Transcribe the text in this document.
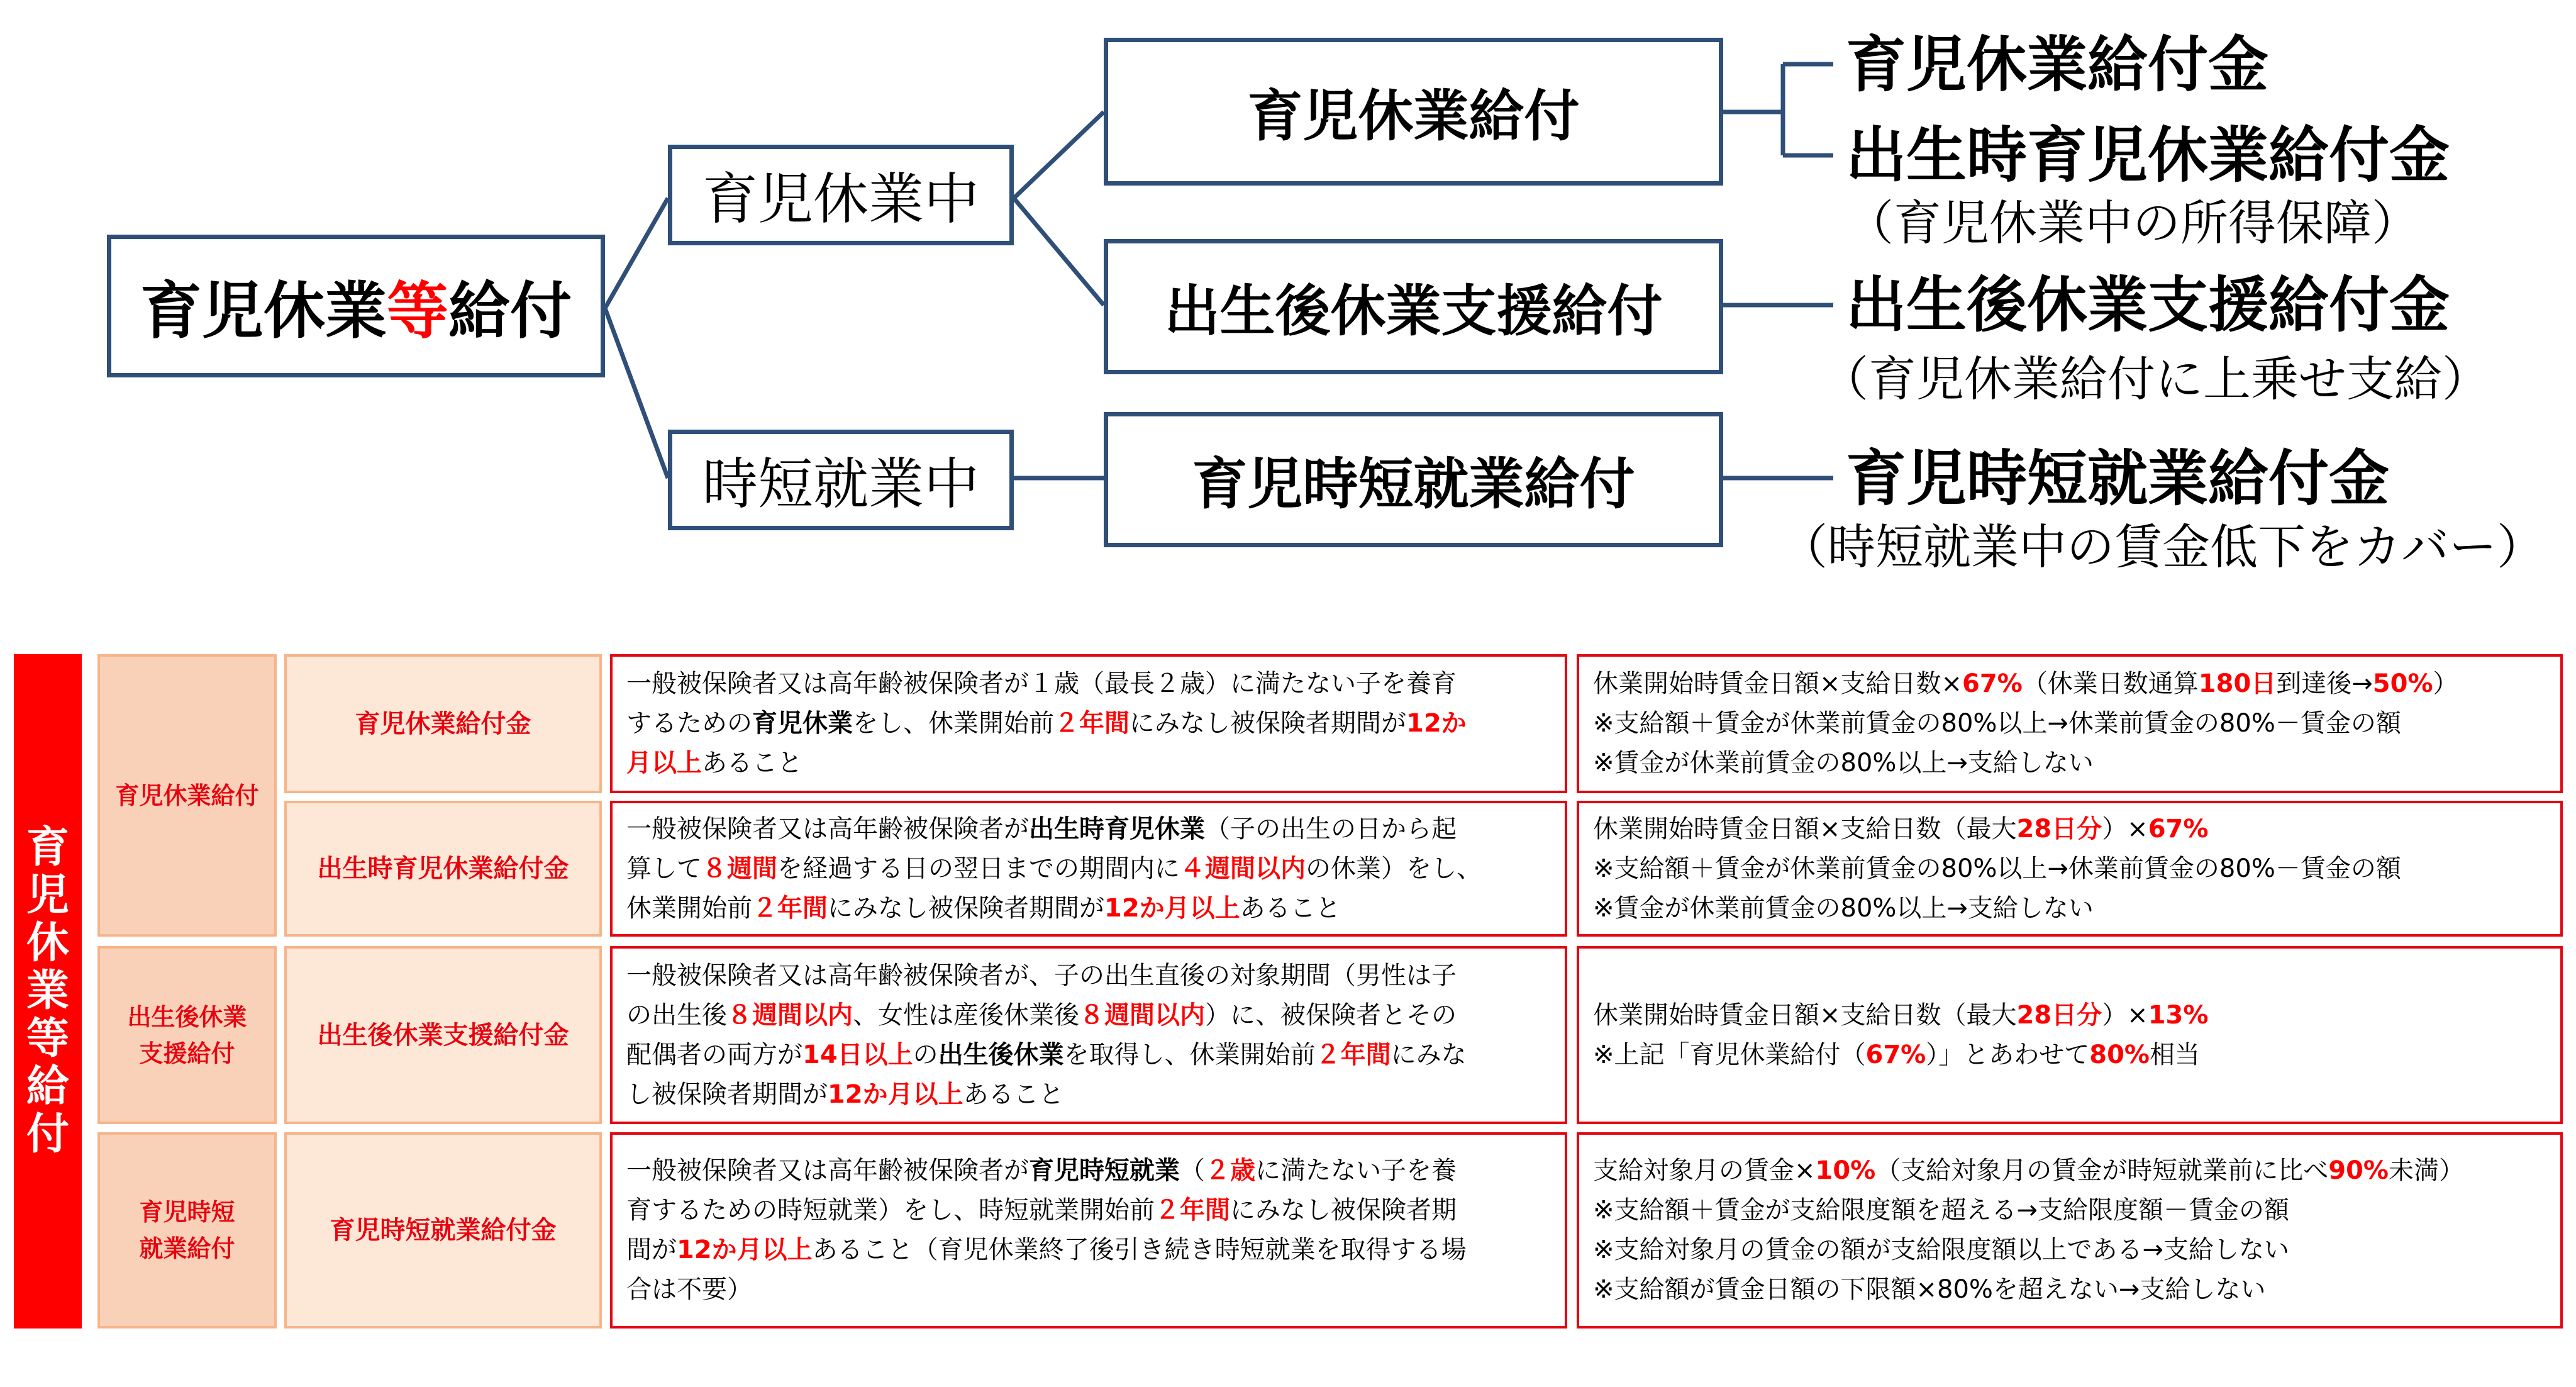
育児休業 等 給付
育児休業中
時短就業中
育児休業給付
出生後休業支援給付
育児時短就業給付
育児休業給付金
出生時育児休業給付金
（育児休業中の所得保障）
出生後休業支援給付金
（育児休業給付に上乗せ支給）
育児時短就業給付金
（時短就業中の賃金低下をカバー）
育
児
休
業
等
給
付
育児休業給付
出生後休業
支援給付
育児時短
就業給付
育児休業給付金
出生時育児休業給付金
出生後休業支援給付金
育児時短就業給付金
一般被保険者又は高年齢被保険者が１歳（最長２歳）に満たない子を養育
するための育児休業をし、休業開始前２年間にみなし被保険者期間が12か
月以上あること
一般被保険者又は高年齢被保険者が出生時育児休業（子の出生の日から起
算して８週間を経過する日の翌日までの期間内に４週間以内の休業）をし、
休業開始前２年間にみなし被保険者期間が12か月以上あること
一般被保険者又は高年齢被保険者が、子の出生直後の対象期間（男性は子
の出生後８週間以内、女性は産後休業後８週間以内）に、被保険者とその
配偶者の両方が14日以上の出生後休業を取得し、休業開始前２年間にみな
し被保険者期間が12か月以上あること
一般被保険者又は高年齢被保険者が育児時短就業（２歳に満たない子を養
育するための時短就業）をし、時短就業開始前２年間にみなし被保険者期
間が12か月以上あること（育児休業終了後引き続き時短就業を取得する場
合は不要）
休業開始時賃金日額×支給日数×67%（休業日数通算180日到達後→50%）
※支給額＋賃金が休業前賃金の80%以上→休業前賃金の80%－賃金の額
※賃金が休業前賃金の80%以上→支給しない
休業開始時賃金日額×支給日数（最大28日分）×67%
※支給額＋賃金が休業前賃金の80%以上→休業前賃金の80%－賃金の額
※賃金が休業前賃金の80%以上→支給しない
休業開始時賃金日額×支給日数（最大28日分）×13%
※上記「育児休業給付（67%）」とあわせて80%相当
支給対象月の賃金×10%（支給対象月の賃金が時短就業前に比べ90%未満）
※支給額＋賃金が支給限度額を超える→支給限度額－賃金の額
※支給対象月の賃金の額が支給限度額以上である→支給しない
※支給額が賃金日額の下限額×80%を超えない→支給しない
